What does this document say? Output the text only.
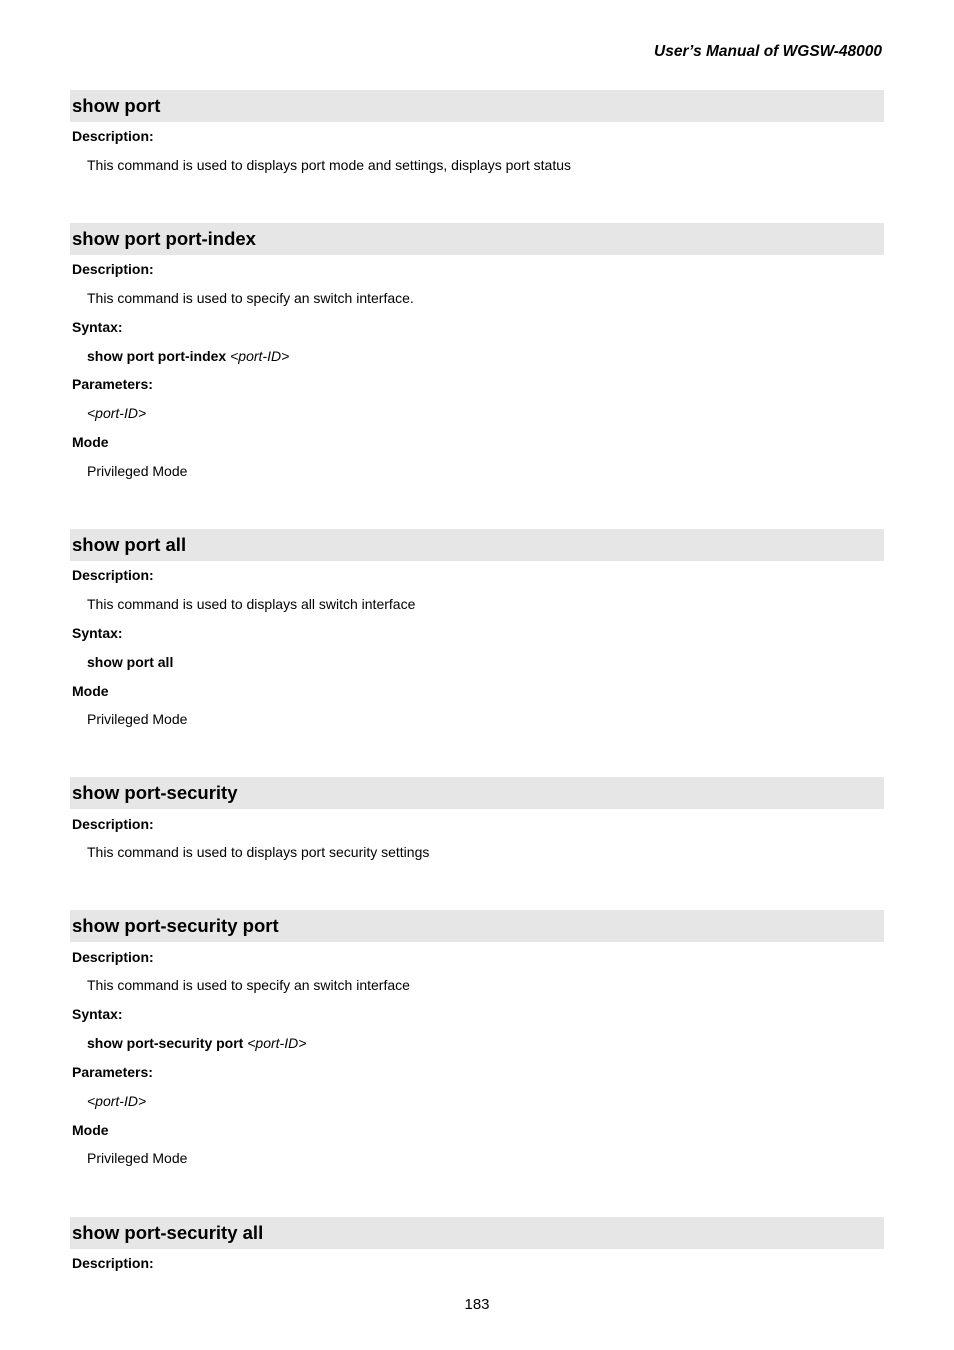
User’s Manual of WGSW-48000
show port
Description:
This command is used to displays port mode and settings, displays port status
show port port-index
Description:
This command is used to specify an switch interface.
Syntax:
show port port-index <port-ID>
Parameters:
<port-ID>
Mode
Privileged Mode
show port all
Description:
This command is used to displays all switch interface
Syntax:
show port all
Mode
Privileged Mode
show port-security
Description:
This command is used to displays port security settings
show port-security port
Description:
This command is used to specify an switch interface
Syntax:
show port-security port <port-ID>
Parameters:
<port-ID>
Mode
Privileged Mode
show port-security all
Description:
183
